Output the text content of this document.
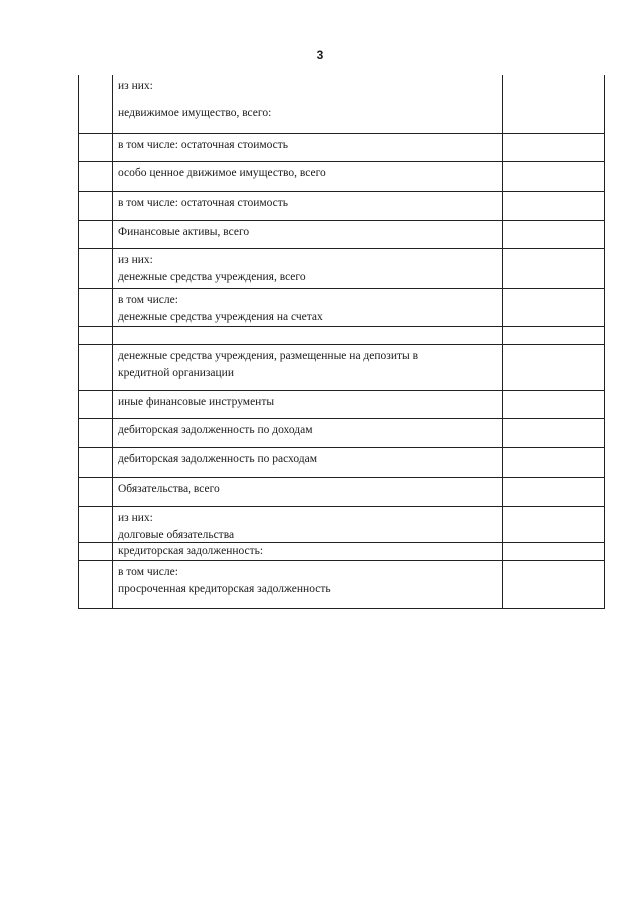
3
из них:
недвижимое имущество, всего:
в том числе: остаточная стоимость
особо ценное движимое имущество, всего
в том числе: остаточная стоимость
Финансовые активы, всего
из них:
денежные средства учреждения, всего
в том числе:
денежные средства учреждения на счетах
денежные средства учреждения, размещенные на депозиты в
кредитной организации
иные финансовые инструменты
дебиторская задолженность по доходам
дебиторская задолженность по расходам
Обязательства, всего
из них:
долговые обязательства
кредиторская задолженность:
в том числе:
просроченная кредиторская задолженность
